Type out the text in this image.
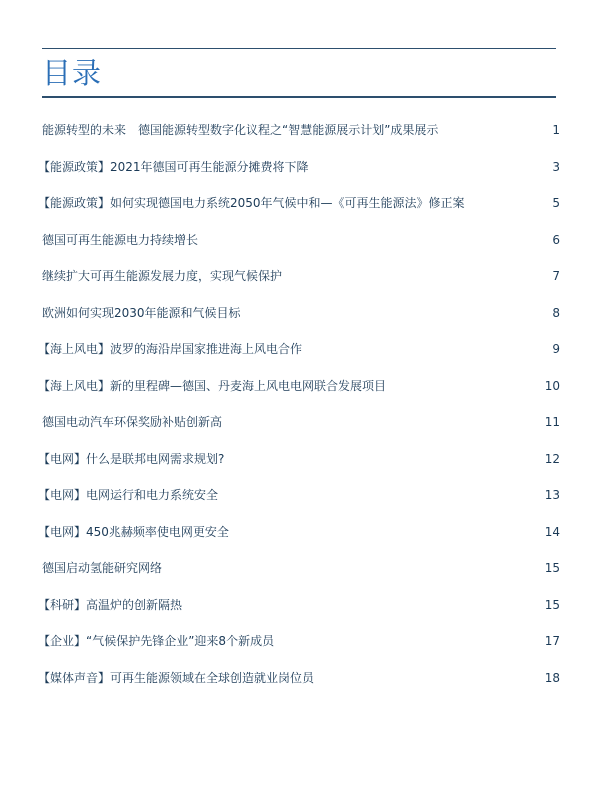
目录
能源转型的未来　德国能源转型数字化议程之“智慧能源展示计划”成果展示	1
【能源政策】2021年德国可再生能源分摊费将下降	3
【能源政策】如何实现德国电力系统2050年气候中和—《可再生能源法》修正案	5
德国可再生能源电力持续增长	6
继续扩大可再生能源发展力度，实现气候保护	7
欧洲如何实现2030年能源和气候目标	8
【海上风电】波罗的海沿岸国家推进海上风电合作	9
【海上风电】新的里程碑—德国、丹麦海上风电电网联合发展项目	10
德国电动汽车环保奖励补贴创新高	11
【电网】什么是联邦电网需求规划?	12
【电网】电网运行和电力系统安全	13
【电网】450兆赫频率使电网更安全	14
德国启动氢能研究网络	15
【科研】高温炉的创新隔热	15
【企业】“气候保护先锋企业”迎来8个新成员	17
【媒体声音】可再生能源领域在全球创造就业岗位员	18
